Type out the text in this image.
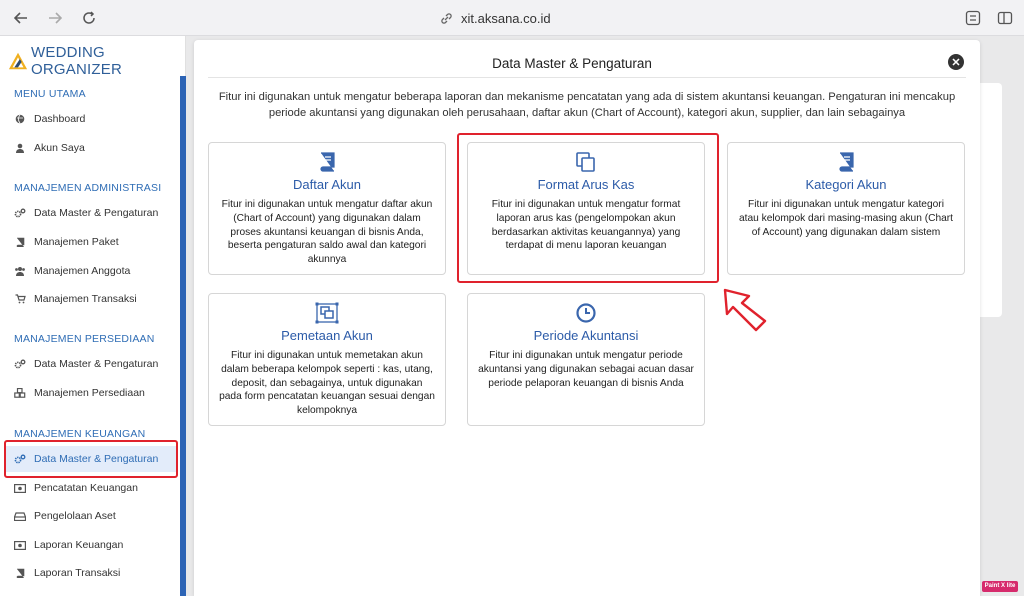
xit.aksana.co.id
WEDDING ORGANIZER
MENU UTAMA
Dashboard
Akun Saya
MANAJEMEN ADMINISTRASI
Data Master & Pengaturan
Manajemen Paket
Manajemen Anggota
Manajemen Transaksi
MANAJEMEN PERSEDIAAN
Data Master & Pengaturan
Manajemen Persediaan
MANAJEMEN KEUANGAN
Data Master & Pengaturan
Pencatatan Keuangan
Pengelolaan Aset
Laporan Keuangan
Laporan Transaksi
Data Master & Pengaturan	✕
Fitur ini digunakan untuk mengatur beberapa laporan dan mekanisme pencatatan yang ada di sistem akuntansi keuangan. Pengaturan ini mencakup periode akuntansi yang digunakan oleh perusahaan, daftar akun (Chart of Account), kategori akun, supplier, dan lain sebagainya
Daftar Akun
Fitur ini digunakan untuk mengatur daftar akun (Chart of Account) yang digunakan dalam proses akuntansi keuangan di bisnis Anda, beserta pengaturan saldo awal dan kategori akunnya
Format Arus Kas
Fitur ini digunakan untuk mengatur format laporan arus kas (pengelompokan akun berdasarkan aktivitas keuangannya) yang terdapat di menu laporan keuangan
Kategori Akun
Fitur ini digunakan untuk mengatur kategori atau kelompok dari masing-masing akun (Chart of Account) yang digunakan dalam sistem
Pemetaan Akun
Fitur ini digunakan untuk memetakan akun dalam beberapa kelompok seperti : kas, utang, deposit, dan sebagainya, untuk digunakan pada form pencatatan keuangan sesuai dengan kelompoknya
Periode Akuntansi
Fitur ini digunakan untuk mengatur periode akuntansi yang digunakan sebagai acuan dasar periode pelaporan keuangan di bisnis Anda
Paint X lite
